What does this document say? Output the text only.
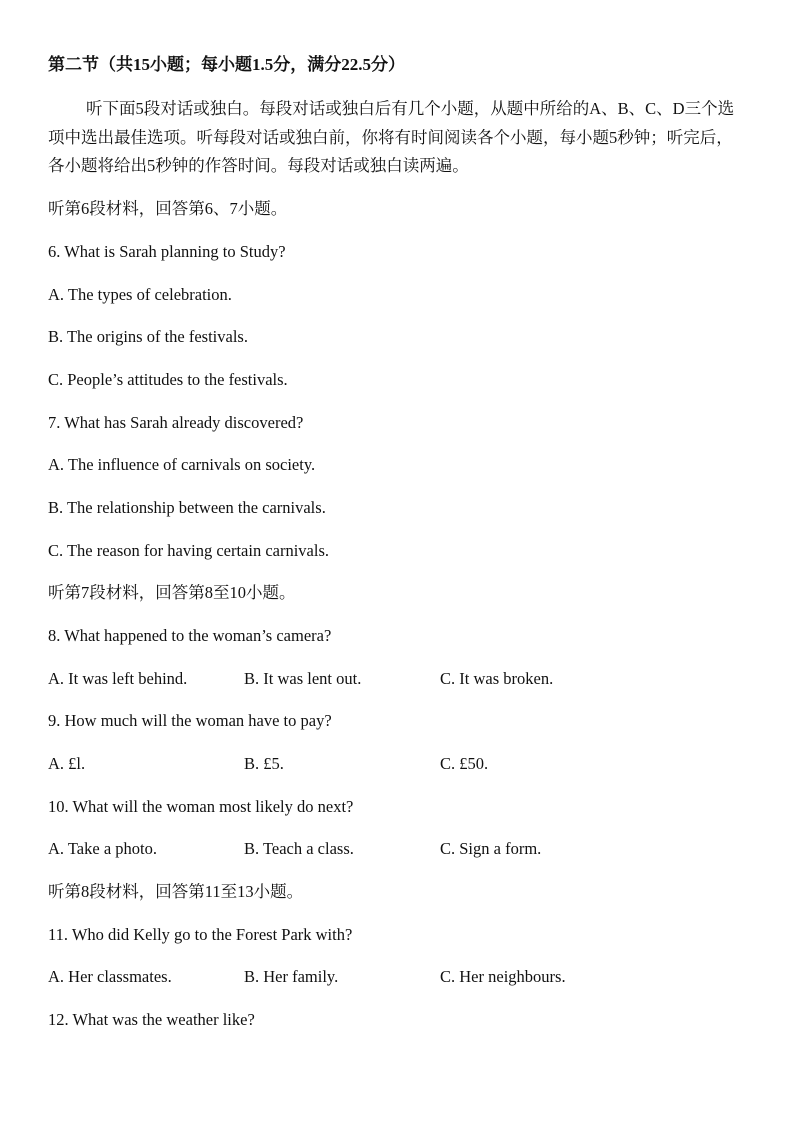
第二节（共15小题；每小题1.5分，满分22.5分）
听下面5段对话或独白。每段对话或独白后有几个小题，从题中所给的A、B、C、D三个选项中选出最佳选项。听每段对话或独白前，你将有时间阅读各个小题，每小题5秒钟；听完后，各小题将给出5秒钟的作答时间。每段对话或独白读两遍。
听第6段材料，回答第6、7小题。
6. What is Sarah planning to Study?
A. The types of celebration.
B. The origins of the festivals.
C. People’s attitudes to the festivals.
7. What has Sarah already discovered?
A. The influence of carnivals on society.
B. The relationship between the carnivals.
C. The reason for having certain carnivals.
听第7段材料，回答第8至10小题。
8. What happened to the woman’s camera?
A. It was left behind.	B. It was lent out.	C. It was broken.
9. How much will the woman have to pay?
A. £l.	B. £5.	C. £50.
10. What will the woman most likely do next?
A. Take a photo.	B. Teach a class.	C. Sign a form.
听第8段材料，回答第11至13小题。
11. Who did Kelly go to the Forest Park with?
A. Her classmates.	B. Her family.	C. Her neighbours.
12. What was the weather like?
